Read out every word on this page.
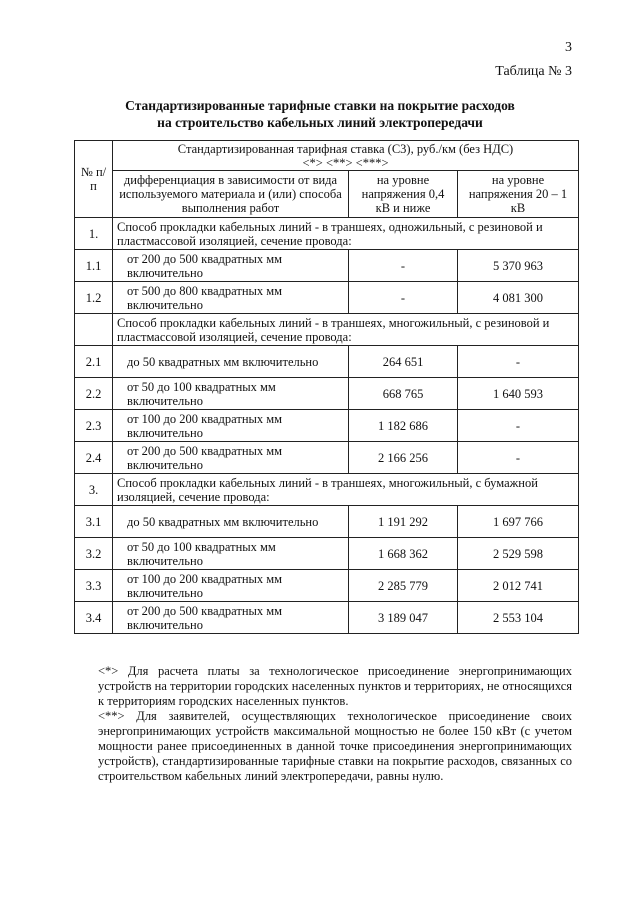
3
Таблица № 3
Стандартизированные тарифные ставки на покрытие расходов
на строительство кабельных линий электропередачи
№ п/п	Стандартизированная тарифная ставка (С3), руб./км (без НДС)
<*> <**> <***>		

	дифференциация в зависимости от вида используемого материала и (или) способа выполнения работ	на уровне напряжения 0,4 кВ и ниже	на уровне напряжения 20 – 1 кВ
1.	Способ прокладки кабельных линий - в траншеях, одножильный, с резиновой и пластмассовой изоляцией, сечение провода:		
1.1	от 200 до 500 квадратных мм включительно	-	5 370 963
1.2	от 500 до 800 квадратных мм включительно	-	4 081 300
	Способ прокладки кабельных линий - в траншеях, многожильный, с резиновой и пластмассовой изоляцией, сечение провода:		
2.1	до 50 квадратных мм включительно	264 651	-
2.2	от 50 до 100 квадратных мм включительно	668 765	1 640 593
2.3	от 100 до 200 квадратных мм включительно	1 182 686	-
2.4	от 200 до 500 квадратных мм включительно	2 166 256	-
3.	Способ прокладки кабельных линий - в траншеях, многожильный, с бумажной изоляцией, сечение провода:		
3.1	до 50 квадратных мм включительно	1 191 292	1 697 766
3.2	от 50 до 100 квадратных мм включительно	1 668 362	2 529 598
3.3	от 100 до 200 квадратных мм включительно	2 285 779	2 012 741
3.4	от 200 до 500 квадратных мм включительно	3 189 047	2 553 104

<*> Для расчета платы за технологическое присоединение энергопринимающих устройств на территории городских населенных пунктов и территориях, не относящихся к территориям городских населенных пунктов.

<**> Для заявителей, осуществляющих технологическое присоединение своих энергопринимающих устройств максимальной мощностью не более 150 кВт (с учетом мощности ранее присоединенных в данной точке присоединения энергопринимающих устройств), стандартизированные тарифные ставки на покрытие расходов, связанных со строительством кабельных линий электропередачи, равны нулю.
